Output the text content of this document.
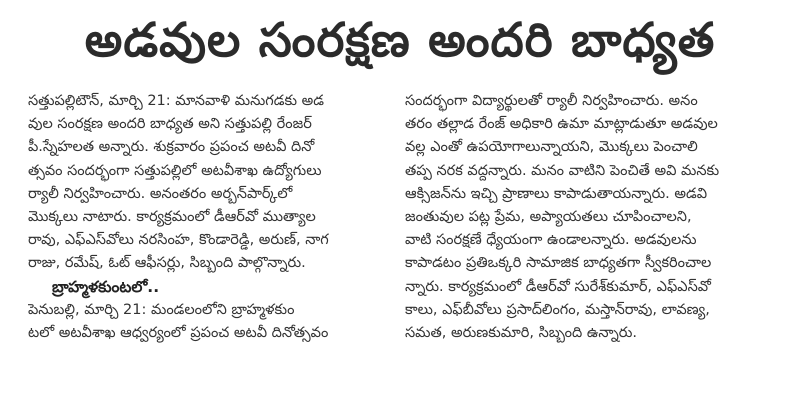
అడవుల సంరక్షణ అందరి బాధ్యత
సత్తుపల్లిటౌన్, మార్చి 21: మానవాళి మనుగడకు అడ
వుల సంరక్షణ అందరి బాధ్యత అని సత్తుపల్లి రేంజర్
పీ.స్నేహలత అన్నారు. శుక్రవారం ప్రపంచ అటవీ దినో
త్సవం సందర్భంగా సత్తుపల్లిలో అటవీశాఖ ఉద్యోగులు
ర్యాలీ నిర్వహించారు. అనంతరం అర్బన్‌పార్క్‌లో
మొక్కలు నాటారు. కార్యక్రమంలో డీఆర్‌వో ముత్యాల
రావు, ఎఫ్ఎస్‌వోలు నరసింహ, కొండారెడ్డి, అరుణ్, నాగ
రాజు, రమేష్, ఓట్ ఆఫీసర్లు, సిబ్బంది పాల్గొన్నారు.
బ్రాహ్మళకుంటలో..
పెనుబల్లి, మార్చి 21: మండలంలోని బ్రాహ్మళకుం
టలో అటవీశాఖ ఆధ్వర్యంలో ప్రపంచ అటవీ దినోత్సవం
సందర్భంగా విద్యార్థులతో ర్యాలీ నిర్వహించారు. అనం
తరం తల్లాడ రేంజ్ అధికారి ఉమా మాట్లాడుతూ అడవుల
వల్ల ఎంతో ఉపయోగాలున్నాయని, మొక్కలు పెంచాలి
తప్ప నరక వద్దన్నారు. మనం వాటిని పెంచితే అవి మనకు
ఆక్సిజన్‌ను ఇచ్చి ప్రాణాలు కాపాడుతాయన్నారు. అడవి
జంతువుల పట్ల ప్రేమ, అప్యాయతలు చూపించాలని,
వాటి సంరక్షణే ధ్యేయంగా ఉండాలన్నారు. అడవులను
కాపాడటం ప్రతిఒక్కరి సామాజిక బాధ్యతగా స్వీకరించాల
న్నారు. కార్యక్రమంలో డీఆర్‌వో సురేశ్‌కుమార్, ఎఫ్ఎస్‌వో
కాలు, ఎఫ్‌బీవోలు ప్రసాద్‌లింగం, మస్తాన్‌రావు, లావణ్య,
సమత, అరుణకుమారి, సిబ్బంది ఉన్నారు.
